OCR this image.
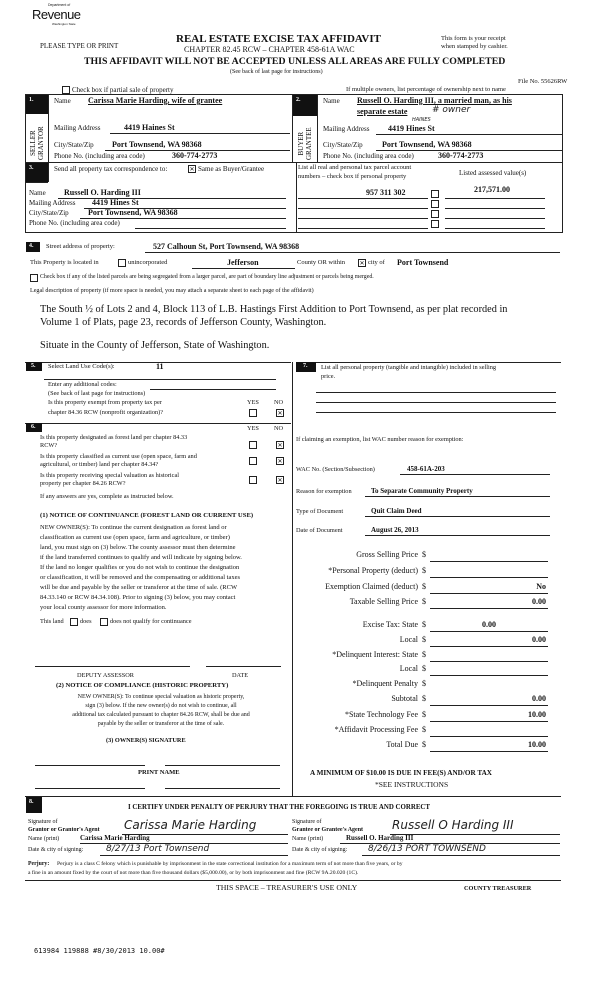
Department of
Revenue
Washington State
PLEASE TYPE OR PRINT
REAL ESTATE EXCISE TAX AFFIDAVIT
CHAPTER 82.45 RCW – CHAPTER 458-61A WAC
This form is your receipt
when stamped by cashier.
THIS AFFIDAVIT WILL NOT BE ACCEPTED UNLESS ALL AREAS ARE FULLY COMPLETED
(See back of last page for instructions)
File No. 55626RW
Check box if partial sale of property	If multiple owners, list percentage of ownership next to name
1.
SELLER
GRANTOR
Name Carissa Marie Harding, wife of grantee
Mailing Address	4419 Haines St
City/State/Zip Port Townsend, WA 98368
Phone No. (including area code)	360-774-2773
2.
BUYER
GRANTEE
Name Russell O. Harding III, a married man, as his
separate estate	# owner
HAINES
Mailing Address 4419 Hines St
City/State/Zip Port Townsend, WA 98368
Phone No. (including area code)	360-774-2773
3.	Send all property tax correspondence to: ✕	Same as Buyer/Grantee	List all real and personal tax parcel account
numbers – check box if personal property	Listed assessed value(s)
Name Russell O. Harding III
Mailing Address 4419 Hines St
City/State/Zip Port Townsend, WA 98368
Phone No. (including area code)
957 311 302	217,571.00
4.	Street address of property:	527 Calhoun St, Port Townsend, WA 98368
This Property is located in	unincorporated	Jefferson	County OR within ✕	city of Port Townsend
Check box if any of the listed parcels are being segregated from a larger parcel, are part of boundary line adjustment or parcels being merged.
Legal description of property (if more space is needed, you may attach a separate sheet to each page of the affidavit)
The South ½ of Lots 2 and 4, Block 113 of L.B. Hastings First Addition to Port Townsend, as per plat recorded in
Volume 1 of Plats, page 23, records of Jefferson County, Washington.
Situate in the County of Jefferson, State of Washington.
5.	Select Land Use Code(s):	11
Enter any additional codes:
(See back of last page for instructions)
Is this property exempt from property tax per
chapter 84.36 RCW (nonprofit organization)?
YES NO
✕
6.	YES NO
Is this property designated as forest land per chapter 84.33
RCW?
✕
Is this property classified as current use (open space, farm and
agricultural, or timber) land per chapter 84.34?
✕
Is this property receiving special valuation as historical
property per chapter 84.26 RCW?
✕
If any answers are yes, complete as instructed below.
(1) NOTICE OF CONTINUANCE (FOREST LAND OR CURRENT USE)
NEW OWNER(S): To continue the current designation as forest land or
classification as current use (open space, farm and agriculture, or timber)
land, you must sign on (3) below. The county assessor must then determine
if the land transferred continues to qualify and will indicate by signing below.
If the land no longer qualifies or you do not wish to continue the designation
or classification, it will be removed and the compensating or additional taxes
will be due and payable by the seller or transferor at the time of sale. (RCW
84.33.140 or RCW 84.34.108). Prior to signing (3) below, you may contact
your local county assessor for more information.
This land	does	does not qualify for continuance
DEPUTY ASSESSOR	DATE
(2) NOTICE OF COMPLIANCE (HISTORIC PROPERTY)
NEW OWNER(S): To continue special valuation as historic property,
sign (3) below. If the new owner(s) do not wish to continue, all
additional tax calculated pursuant to chapter 84.26 RCW, shall be due and
payable by the seller or transferor at the time of sale.
(3) OWNER(S) SIGNATURE
PRINT NAME
7.	List all personal property (tangible and intangible) included in selling
price.
If claiming an exemption, list WAC number reason for exemption:
WAC No. (Section/Subsection)	458-61A-203
Reason for exemption	To Separate Community Property
Type of Document	Quit Claim Deed
Date of Document	August 26, 2013
Gross Selling Price $
*Personal Property (deduct) $
Exemption Claimed (deduct) $	No
Taxable Selling Price $	0.00
Excise Tax: State $	0.00
Local $	0.00
*Delinquent Interest: State $
Local $
*Delinquent Penalty $
Subtotal $	0.00
*State Technology Fee $	10.00
*Affidavit Processing Fee $
Total Due $	10.00
A MINIMUM OF $10.00 IS DUE IN FEE(S) AND/OR TAX
*SEE INSTRUCTIONS
8.
I CERTIFY UNDER PENALTY OF PERJURY THAT THE FOREGOING IS TRUE AND CORRECT
Signature of
Grantor or Grantor's Agent Carissa Marie Harding
Name (print)	Carissa Marie Harding
Date & city of signing:	8/27/13 Port Townsend
Signature of
Grantee or Grantee's Agent Russell O Harding III
Name (print)	Russell O. Harding III
Date & city of signing: 8/26/13 PORT TOWNSEND
Perjury: Perjury is a class C felony which is punishable by imprisonment in the state correctional institution for a maximum term of not more than five years, or by
a fine in an amount fixed by the court of not more than five thousand dollars ($5,000.00), or by both imprisonment and fine (RCW 9A.20.020 (1C).
THIS SPACE – TREASURER'S USE ONLY	COUNTY TREASURER
613984 119888 #8/30/2013 10.00#
